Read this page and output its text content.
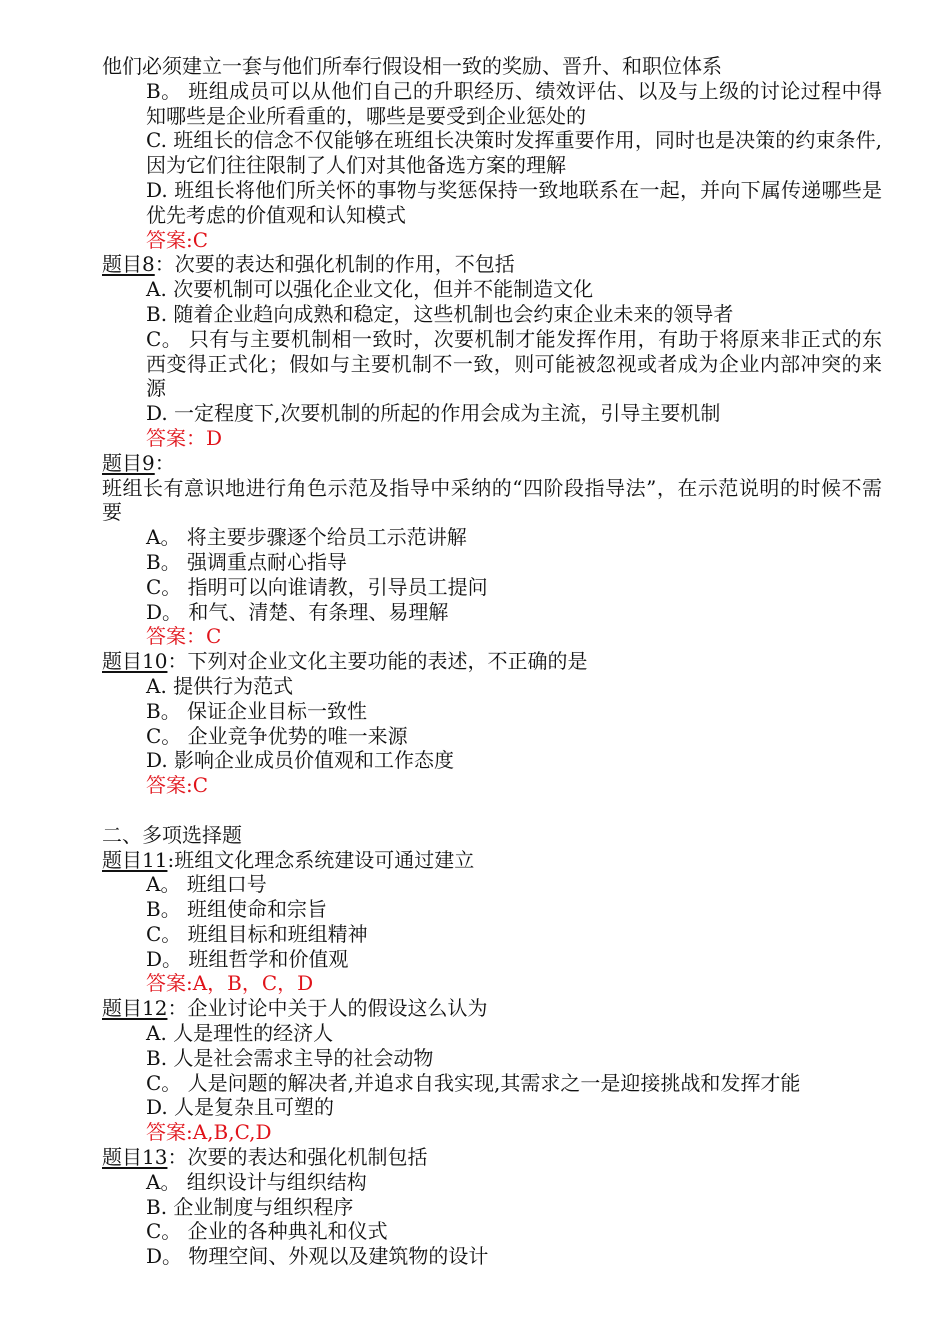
他们必须建立一套与他们所奉行假设相一致的奖励、晋升、和职位体系
B。 班组成员可以从他们自己的升职经历、绩效评估、以及与上级的讨论过程中得知哪些是企业所看重的，哪些是要受到企业惩处的
C. 班组长的信念不仅能够在班组长决策时发挥重要作用，同时也是决策的约束条件,因为它们往往限制了人们对其他备选方案的理解
D. 班组长将他们所关怀的事物与奖惩保持一致地联系在一起，并向下属传递哪些是优先考虑的价值观和认知模式
答案:C
题目8：次要的表达和强化机制的作用，不包括
A. 次要机制可以强化企业文化，但并不能制造文化
B. 随着企业趋向成熟和稳定，这些机制也会约束企业未来的领导者
C。 只有与主要机制相一致时，次要机制才能发挥作用，有助于将原来非正式的东西变得正式化；假如与主要机制不一致，则可能被忽视或者成为企业内部冲突的来源
D. 一定程度下,次要机制的所起的作用会成为主流，引导主要机制
答案：D
题目9：
班组长有意识地进行角色示范及指导中采纳的“四阶段指导法”，在示范说明的时候不需要
A。 将主要步骤逐个给员工示范讲解
B。 强调重点耐心指导
C。 指明可以向谁请教，引导员工提问
D。 和气、清楚、有条理、易理解
答案：C
题目10：下列对企业文化主要功能的表述，不正确的是
A. 提供行为范式
B。 保证企业目标一致性
C。 企业竞争优势的唯一来源
D. 影响企业成员价值观和工作态度
答案:C
二、多项选择题
题目11:班组文化理念系统建设可通过建立
A。 班组口号
B。 班组使命和宗旨
C。 班组目标和班组精神
D。 班组哲学和价值观
答案:A，B，C，D
题目12：企业讨论中关于人的假设这么认为
A. 人是理性的经济人
B. 人是社会需求主导的社会动物
C。 人是问题的解决者,并追求自我实现,其需求之一是迎接挑战和发挥才能
D. 人是复杂且可塑的
答案:A,B,C,D
题目13：次要的表达和强化机制包括
A。 组织设计与组织结构
B. 企业制度与组织程序
C。 企业的各种典礼和仪式
D。 物理空间、外观以及建筑物的设计
